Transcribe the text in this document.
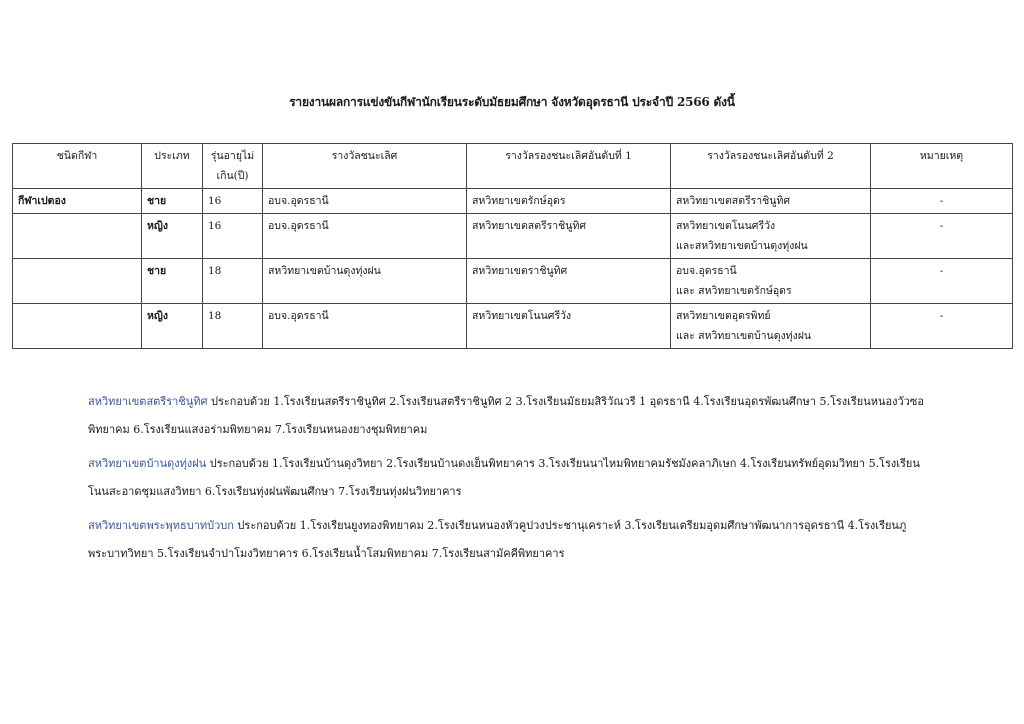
รายงานผลการแข่งขันกีฬานักเรียนระดับมัธยมศึกษา จังหวัดอุดรธานี ประจำปี 2566 ดังนี้
ชนิดกีฬา	ประเภท	รุ่นอายุไม่
เกิน(ปี)	รางวัลชนะเลิศ	รางวัลรองชนะเลิศอันดับที่ 1	รางวัลรองชนะเลิศอันดับที่ 2	หมายเหตุ
กีฬาเปตอง	ชาย	16	อบจ.อุดรธานี	สหวิทยาเขตรักษ์อุดร	สหวิทยาเขตสตรีราชินูทิศ	-
	หญิง	16	อบจ.อุดรธานี	สหวิทยาเขตสตรีราชินูทิศ	สหวิทยาเขตโนนศรีวัง
และสหวิทยาเขตบ้านดุงทุ่งฝน	-
	ชาย	18	สหวิทยาเขตบ้านดุงทุ่งฝน	สหวิทยาเขตราชินูทิศ	อบจ.อุดรธานี
และ สหวิทยาเขตรักษ์อุดร	-
	หญิง	18	อบจ.อุดรธานี	สหวิทยาเขตโนนศรีวัง	สหวิทยาเขตอุดรพิทย์
และ สหวิทยาเขตบ้านดุงทุ่งฝน	-

สหวิทยาเขตสตรีราชินูทิศ ประกอบด้วย 1.โรงเรียนสตรีราชินูทิศ 2.โรงเรียนสตรีราชินูทิศ 2 3.โรงเรียนมัธยมสิริวัณวรี 1 อุดรธานี 4.โรงเรียนอุดรพัฒนศึกษา 5.โรงเรียนหนองวัวซอพิทยาคม 6.โรงเรียนแสงอร่ามพิทยาคม 7.โรงเรียนหนองยางชุมพิทยาคม

สหวิทยาเขตบ้านดุงทุ่งฝน ประกอบด้วย 1.โรงเรียนบ้านดุงวิทยา 2.โรงเรียนบ้านดงเย็นพิทยาคาร 3.โรงเรียนนาไหมพิทยาคมรัชมังคลาภิเษก 4.โรงเรียนทรัพย์อุดมวิทยา 5.โรงเรียนโนนสะอาดชุมแสงวิทยา 6.โรงเรียนทุ่งฝนพัฒนศึกษา 7.โรงเรียนทุ่งฝนวิทยาคาร

สหวิทยาเขตพระพุทธบาทบัวบก ประกอบด้วย 1.โรงเรียนยูงทองพิทยาคม 2.โรงเรียนหนองหัวคูปวงประชานุเคราะห์ 3.โรงเรียนเตรียมอุดมศึกษาพัฒนาการอุดรธานี 4.โรงเรียนภูพระบาทวิทยา 5.โรงเรียนจำปาโมงวิทยาคาร 6.โรงเรียนน้ำโสมพิทยาคม 7.โรงเรียนสามัคคีพิทยาคาร
